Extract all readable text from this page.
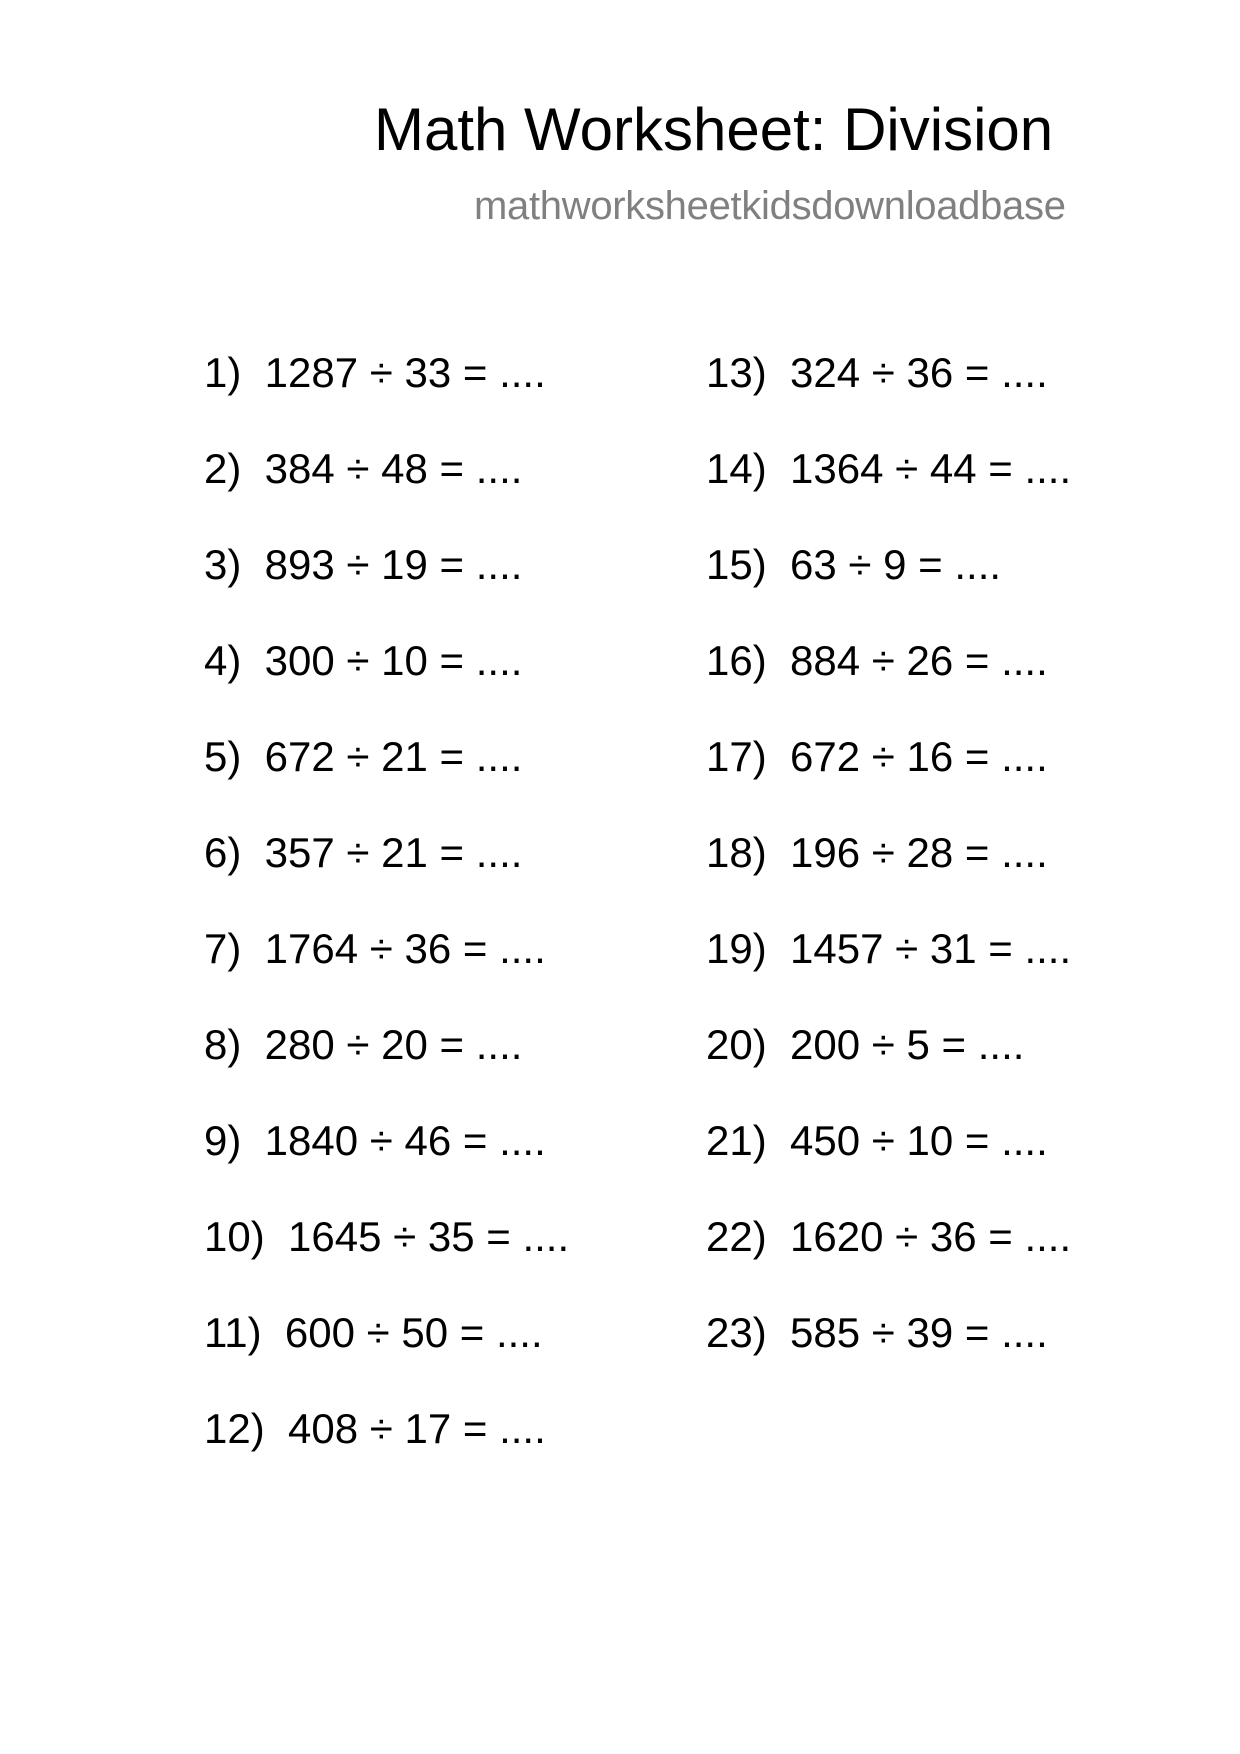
Math Worksheet: Division
mathworksheetkidsdownloadbase
1)  1287 ÷ 33 = ....
2)  384 ÷ 48 = ....
3)  893 ÷ 19 = ....
4)  300 ÷ 10 = ....
5)  672 ÷ 21 = ....
6)  357 ÷ 21 = ....
7)  1764 ÷ 36 = ....
8)  280 ÷ 20 = ....
9)  1840 ÷ 46 = ....
10)  1645 ÷ 35 = ....
11)  600 ÷ 50 = ....
12)  408 ÷ 17 = ....
13)  324 ÷ 36 = ....
14)  1364 ÷ 44 = ....
15)  63 ÷ 9 = ....
16)  884 ÷ 26 = ....
17)  672 ÷ 16 = ....
18)  196 ÷ 28 = ....
19)  1457 ÷ 31 = ....
20)  200 ÷ 5 = ....
21)  450 ÷ 10 = ....
22)  1620 ÷ 36 = ....
23)  585 ÷ 39 = ....
